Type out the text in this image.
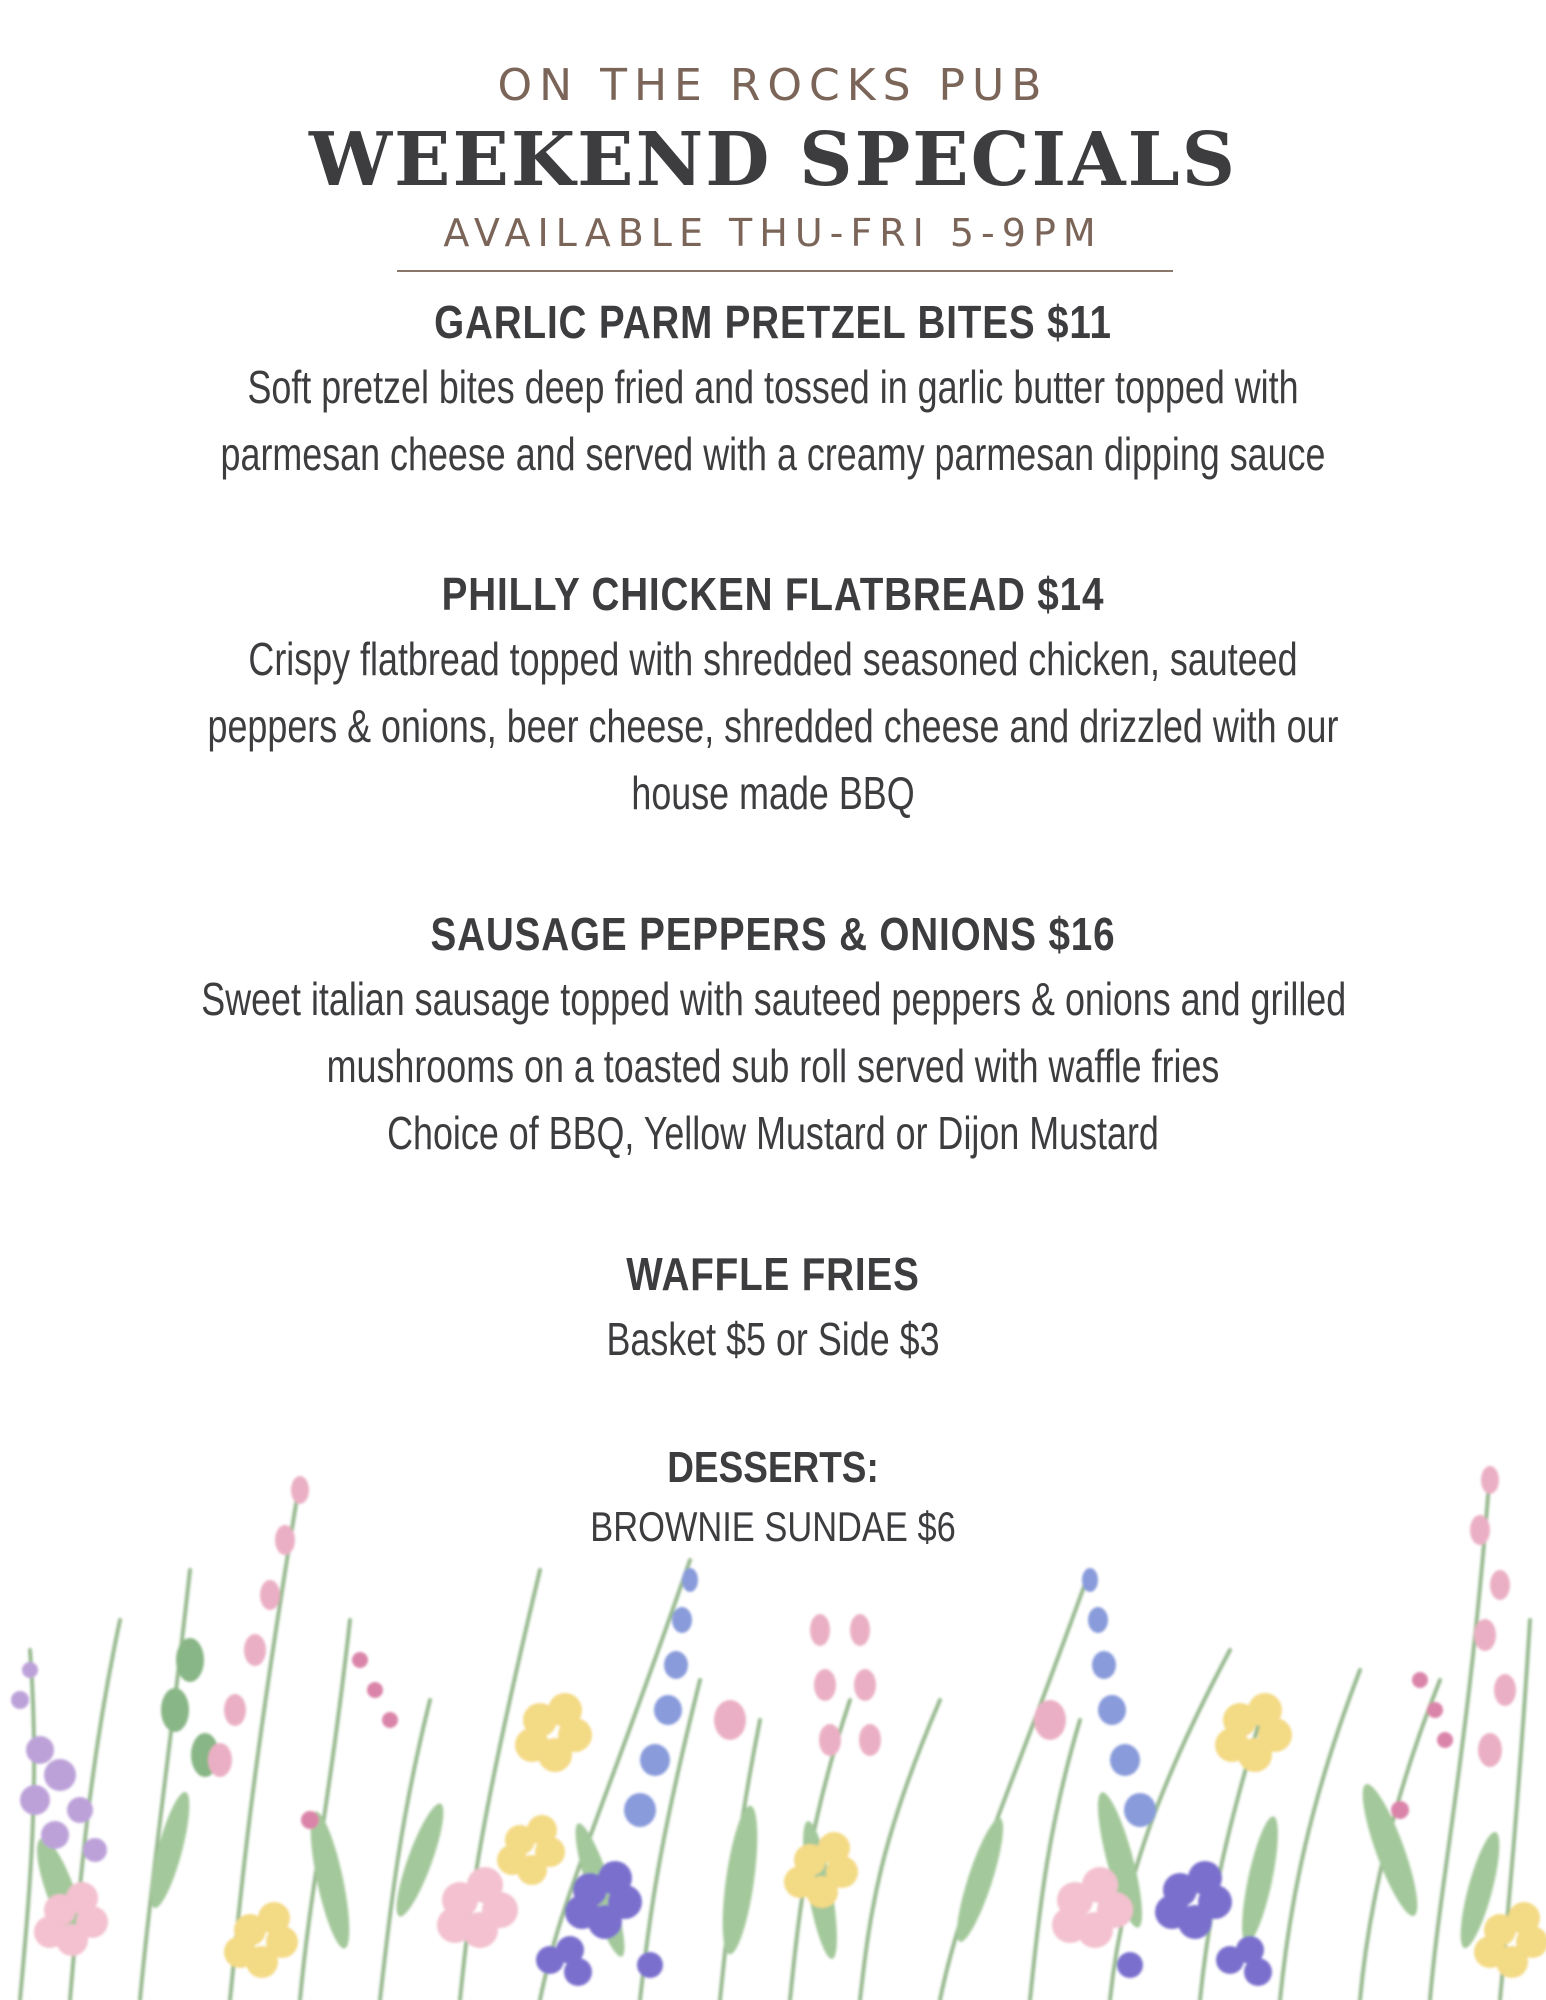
ON THE ROCKS PUB
WEEKEND SPECIALS
AVAILABLE THU-FRI 5-9PM
GARLIC PARM PRETZEL BITES $11
Soft pretzel bites deep fried and tossed in garlic butter topped with
parmesan cheese and served with a creamy parmesan dipping sauce
PHILLY CHICKEN FLATBREAD $14
Crispy flatbread topped with shredded seasoned chicken, sauteed
peppers & onions, beer cheese, shredded cheese and drizzled with our
house made BBQ
SAUSAGE PEPPERS & ONIONS $16
Sweet italian sausage topped with sauteed peppers & onions and grilled
mushrooms on a toasted sub roll served with waffle fries
Choice of BBQ, Yellow Mustard or Dijon Mustard
WAFFLE FRIES
Basket $5 or Side $3
DESSERTS:
BROWNIE SUNDAE $6
